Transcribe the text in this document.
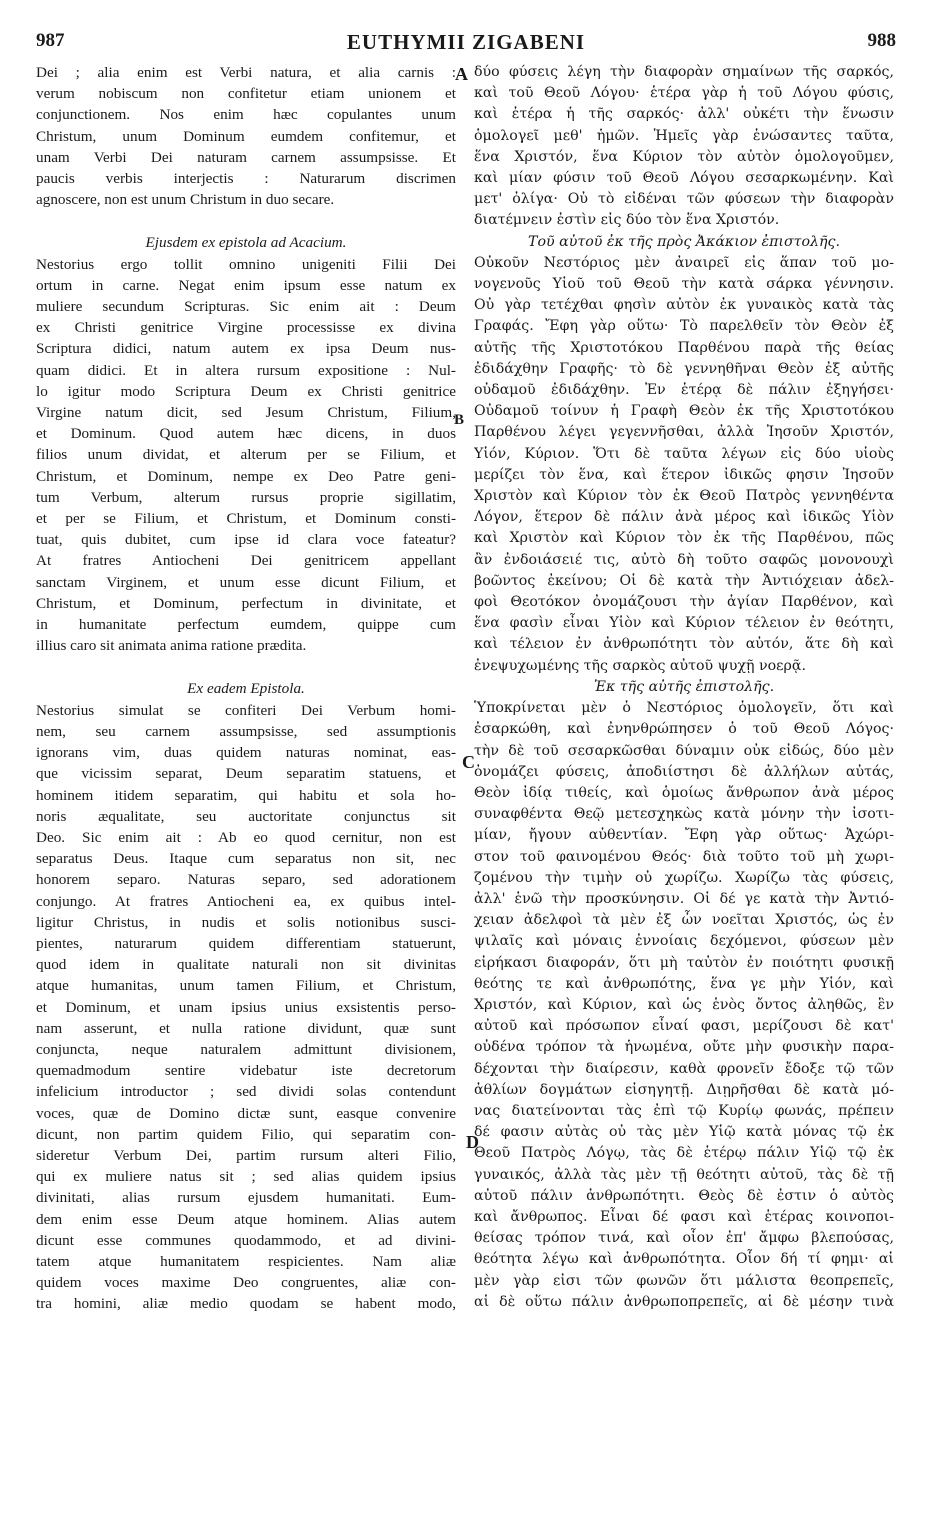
987	EUTHYMII ZIGABENI	988
Dei ; alia enim est Verbi natura, et alia carnis :
verum nobiscum non confitetur etiam unionem et
conjunctionem. Nos enim hæc copulantes unum
Christum, unum Dominum eumdem confitemur, et
unam Verbi Dei naturam carnem assumpsisse. Et
paucis verbis interjectis : Naturarum discrimen
agnoscere, non est unum Christum in duo secare.
Ejusdem ex epistola ad Acacium.
Nestorius ergo tollit omnino unigeniti Filii Dei
ortum in carne. Negat enim ipsum esse natum ex
muliere secundum Scripturas. Sic enim ait : Deum
ex Christi genitrice Virgine processisse ex divina
Scriptura didici, natum autem ex ipsa Deum nus-
quam didici. Et in altera rursum expositione : Nul-
lo igitur modo Scriptura Deum ex Christi genitrice
Virgine natum dicit, sed Jesum Christum, Filium,
et Dominum. Quod autem hæc dicens, in duos
filios unum dividat, et alterum per se Filium, et
Christum, et Dominum, nempe ex Deo Patre geni-
tum Verbum, alterum rursus proprie sigillatim,
et per se Filium, et Christum, et Dominum consti-
tuat, quis dubitet, cum ipse id clara voce fateatur?
At fratres Antiocheni Dei genitricem appellant
sanctam Virginem, et unum esse dicunt Filium, et
Christum, et Dominum, perfectum in divinitate, et
in humanitate perfectum eumdem, quippe cum
illius caro sit animata anima ratione prædita.
Ex eadem Epistola.
Nestorius simulat se confiteri Dei Verbum homi-
nem, seu carnem assumpsisse, sed assumptionis
ignorans vim, duas quidem naturas nominat, eas-
que vicissim separat, Deum separatim statuens, et
hominem itidem separatim, qui habitu et sola ho-
noris æqualitate, seu auctoritate conjunctus sit
Deo. Sic enim ait : Ab eo quod cernitur, non est
separatus Deus. Itaque cum separatus non sit, nec
honorem separo. Naturas separo, sed adorationem
conjungo. At fratres Antiocheni ea, ex quibus intel-
ligitur Christus, in nudis et solis notionibus susci-
pientes, naturarum quidem differentiam statuerunt,
quod idem in qualitate naturali non sit divinitas
atque humanitas, unum tamen Filium, et Christum,
et Dominum, et unam ipsius unius exsistentis perso-
nam asserunt, et nulla ratione dividunt, quæ sunt
conjuncta, neque naturalem admittunt divisionem,
quemadmodum sentire videbatur iste decretorum
infelicium introductor ; sed dividi solas contendunt
voces, quæ de Domino dictæ sunt, easque convenire
dicunt, non partim quidem Filio, qui separatim con-
sideretur Verbum Dei, partim rursum alteri Filio,
qui ex muliere natus sit ; sed alias quidem ipsius
divinitati, alias rursum ejusdem humanitati. Eum-
dem enim esse Deum atque hominem. Alias autem
dicunt esse communes quodammodo, et ad divini-
tatem atque humanitatem respicientes. Nam aliæ
quidem voces maxime Deo congruentes, aliæ con-
tra homini, aliæ medio quodam se habent modo,
δύο φύσεις λέγη τὴν διαφορὰν σημαίνων τῆς σαρκός,
καὶ τοῦ Θεοῦ Λόγου· ἑτέρα γὰρ ἡ τοῦ Λόγου φύσις,
καὶ ἑτέρα ἡ τῆς σαρκός· ἀλλ' οὐκέτι τὴν ἕνωσιν
ὁμολογεῖ μεθ' ἡμῶν. Ἡμεῖς γὰρ ἑνώσαντες ταῦτα,
ἕνα Χριστόν, ἕνα Κύριον τὸν αὐτὸν ὁμολογοῦμεν,
καὶ μίαν φύσιν τοῦ Θεοῦ Λόγου σεσαρκωμένην. Καὶ
μετ' ὀλίγα· Οὐ τὸ εἰδέναι τῶν φύσεων τὴν διαφορὰν
διατέμνειν ἐστὶν εἰς δύο τὸν ἕνα Χριστόν.
Τοῦ αὐτοῦ ἐκ τῆς πρὸς Ἀκάκιον ἐπιστολῆς.
Οὐκοῦν Νεστόριος μὲν ἀναιρεῖ εἰς ἅπαν τοῦ μο-
νογενοῦς Υἱοῦ τοῦ Θεοῦ τὴν κατὰ σάρκα γέννησιν.
Οὐ γὰρ τετέχθαι φησὶν αὐτὸν ἐκ γυναικὸς κατὰ τὰς
Γραφάς. Ἔφη γὰρ οὕτω· Τὸ παρελθεῖν τὸν Θεὸν ἐξ
αὐτῆς τῆς Χριστοτόκου Παρθένου παρὰ τῆς θείας
ἐδιδάχθην Γραφῆς· τὸ δὲ γεννηθῆναι Θεὸν ἐξ αὐτῆς
οὐδαμοῦ ἐδιδάχθην. Ἐν ἑτέρᾳ δὲ πάλιν ἐξηγήσει·
Οὐδαμοῦ τοίνυν ἡ Γραφὴ Θεὸν ἐκ τῆς Χριστοτόκου
Παρθένου λέγει γεγεννῆσθαι, ἀλλὰ Ἰησοῦν Χριστόν,
Υἱόν, Κύριον. Ὅτι δὲ ταῦτα λέγων εἰς δύο υἱοὺς
μερίζει τὸν ἕνα, καὶ ἕτερον ἰδικῶς φησιν Ἰησοῦν
Χριστὸν καὶ Κύριον τὸν ἐκ Θεοῦ Πατρὸς γεννηθέντα
Λόγον, ἕτερον δὲ πάλιν ἀνὰ μέρος καὶ ἰδικῶς Υἱὸν
καὶ Χριστὸν καὶ Κύριον τὸν ἐκ τῆς Παρθένου, πῶς
ἂν ἐνδοιάσειέ τις, αὐτὸ δὴ τοῦτο σαφῶς μονονουχὶ
βοῶντος ἐκείνου; Οἱ δὲ κατὰ τὴν Ἀντιόχειαν ἀδελ-
φοὶ Θεοτόκον ὀνομάζουσι τὴν ἁγίαν Παρθένον, καὶ
ἕνα φασὶν εἶναι Υἱὸν καὶ Κύριον τέλειον ἐν θεότητι,
καὶ τέλειον ἐν ἀνθρωπότητι τὸν αὐτόν, ἅτε δὴ καὶ
ἐνεψυχωμένης τῆς σαρκὸς αὐτοῦ ψυχῇ νοερᾷ.
Ἐκ τῆς αὐτῆς ἐπιστολῆς.
Ὑποκρίνεται μὲν ὁ Νεστόριος ὁμολογεῖν, ὅτι καὶ
ἐσαρκώθη, καὶ ἐνηνθρώπησεν ὁ τοῦ Θεοῦ Λόγος·
τὴν δὲ τοῦ σεσαρκῶσθαι δύναμιν οὐκ εἰδώς, δύο μὲν
ὀνομάζει φύσεις, ἀποδιίστησι δὲ ἀλλήλων αὐτάς,
Θεὸν ἰδίᾳ τιθείς, καὶ ὁμοίως ἄνθρωπον ἀνὰ μέρος
συναφθέντα Θεῷ μετεσχηκὼς κατὰ μόνην τὴν ἰσοτι-
μίαν, ἤγουν αὐθεντίαν. Ἔφη γὰρ οὕτως· Ἀχώρι-
στον τοῦ φαινομένου Θεός· διὰ τοῦτο τοῦ μὴ χωρι-
ζομένου τὴν τιμὴν οὐ χωρίζω. Χωρίζω τὰς φύσεις,
ἀλλ' ἑνῶ τὴν προσκύνησιν. Οἱ δέ γε κατὰ τὴν Ἀντιό-
χειαν ἀδελφοὶ τὰ μὲν ἐξ ὧν νοεῖται Χριστός, ὡς ἐν
ψιλαῖς καὶ μόναις ἐννοίαις δεχόμενοι, φύσεων μὲν
εἰρήκασι διαφοράν, ὅτι μὴ ταὐτὸν ἐν ποιότητι φυσικῇ
θεότης τε καὶ ἀνθρωπότης, ἕνα γε μὴν Υἱόν, καὶ
Χριστόν, καὶ Κύριον, καὶ ὡς ἑνὸς ὄντος ἀληθῶς, ἓν
αὐτοῦ καὶ πρόσωπον εἶναί φασι, μερίζουσι δὲ κατ'
οὐδένα τρόπον τὰ ἡνωμένα, οὔτε μὴν φυσικὴν παρα-
δέχονται τὴν διαίρεσιν, καθὰ φρονεῖν ἔδοξε τῷ τῶν
ἀθλίων δογμάτων εἰσηγητῇ. Διῃρῆσθαι δὲ κατὰ μό-
νας διατείνονται τὰς ἐπὶ τῷ Κυρίῳ φωνάς, πρέπειν
δέ φασιν αὐτὰς οὐ τὰς μὲν Υἱῷ κατὰ μόνας τῷ ἐκ
Θεοῦ Πατρὸς Λόγῳ, τὰς δὲ ἑτέρῳ πάλιν Υἱῷ τῷ ἐκ
γυναικός, ἀλλὰ τὰς μὲν τῇ θεότητι αὐτοῦ, τὰς δὲ τῇ
αὐτοῦ πάλιν ἀνθρωπότητι. Θεὸς δὲ ἐστιν ὁ αὐτὸς
καὶ ἄνθρωπος. Εἶναι δέ φασι καὶ ἑτέρας κοινοποι-
θείσας τρόπον τινά, καὶ οἷον ἐπ' ἄμφω βλεπούσας,
θεότητα λέγω καὶ ἀνθρωπότητα. Οἷον δή τί φημι· αἱ
μὲν γὰρ εἰσι τῶν φωνῶν ὅτι μάλιστα θεοπρεπεῖς,
αἱ δὲ οὕτω πάλιν ἀνθρωποπρεπεῖς, αἱ δὲ μέσην τινὰ
A
B
C
D
